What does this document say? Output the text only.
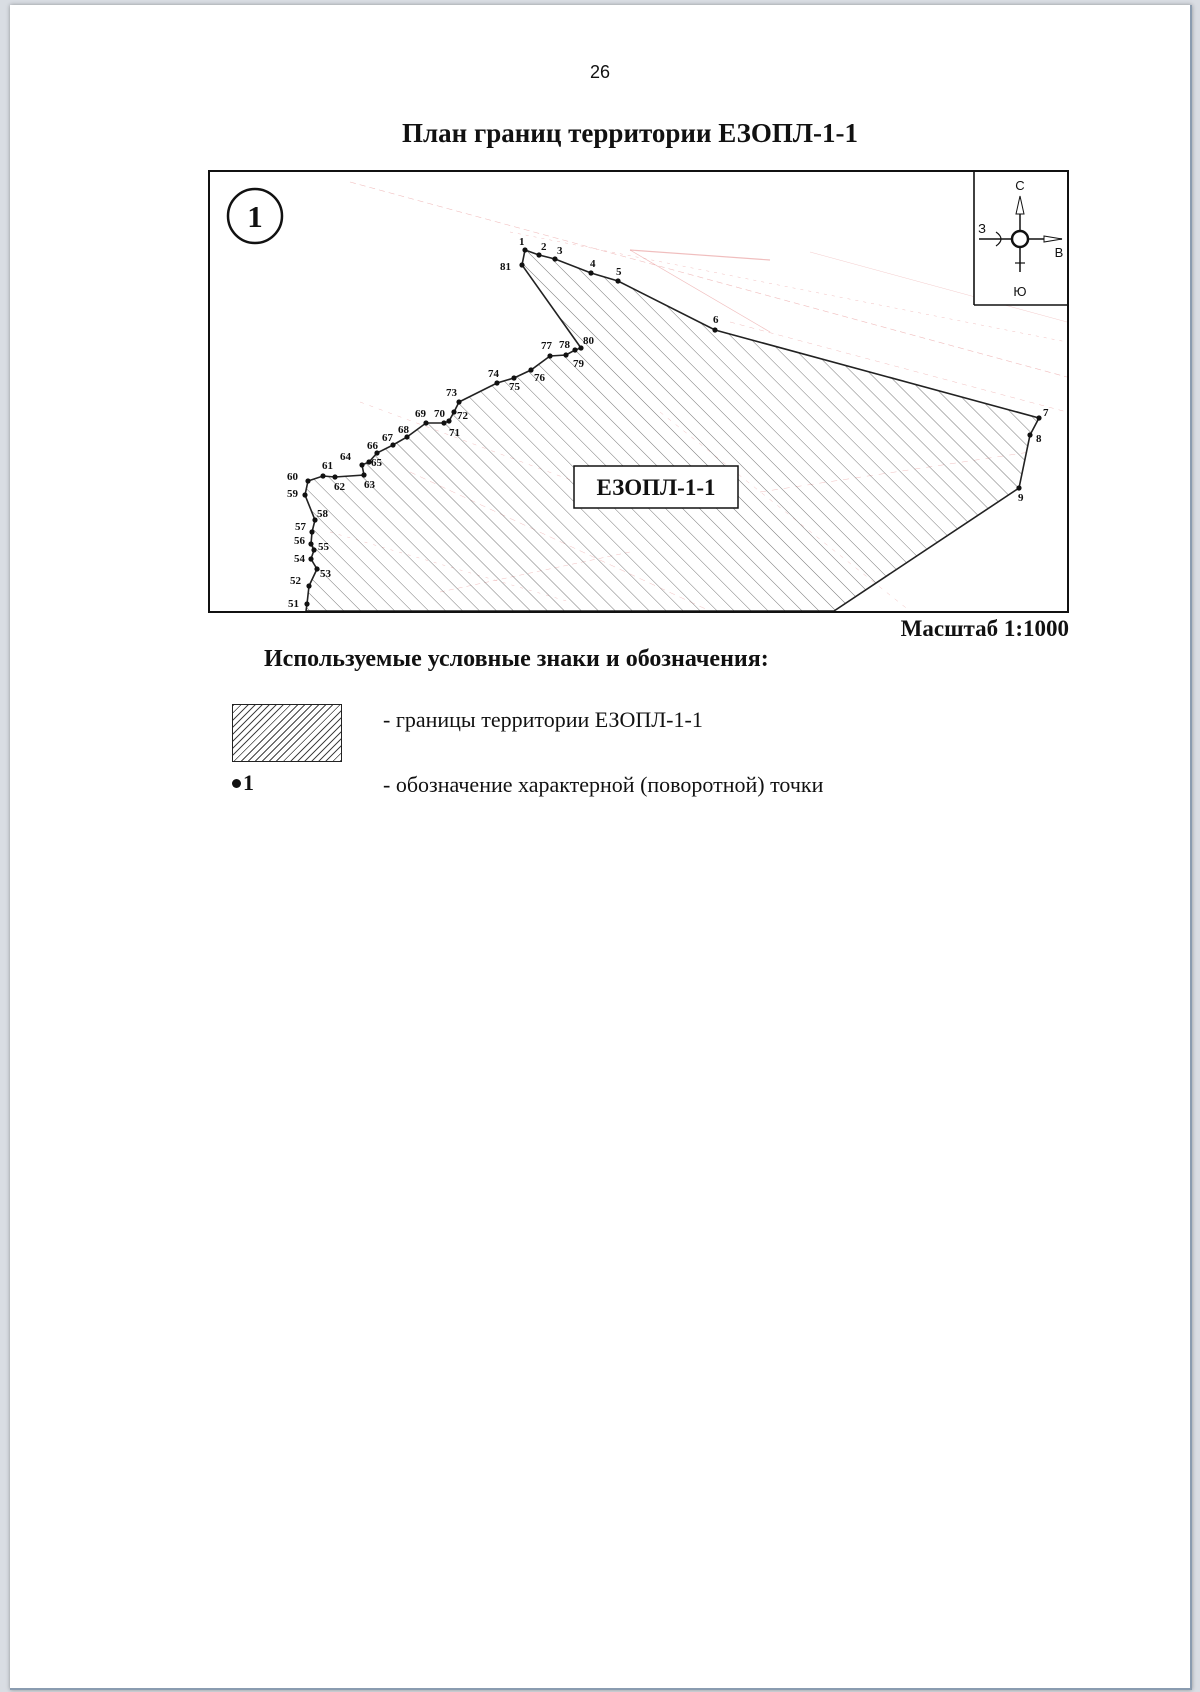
26
План границ территории ЕЗОПЛ-1-1
1 2 3
4
5
6
7
8
9
51
52
53
54
55
56
57
58
59
60
61
62 63
64 65
66
67
68
69 70
71
72
73
74
75
76
77 78
79
80
81
1
ЕЗОПЛ-1-1
С
Ю
В
З
Масштаб 1:1000
Используемые условные знаки и обозначения:
- границы территории ЕЗОПЛ-1-1
1	- обозначение характерной (поворотной) точки
